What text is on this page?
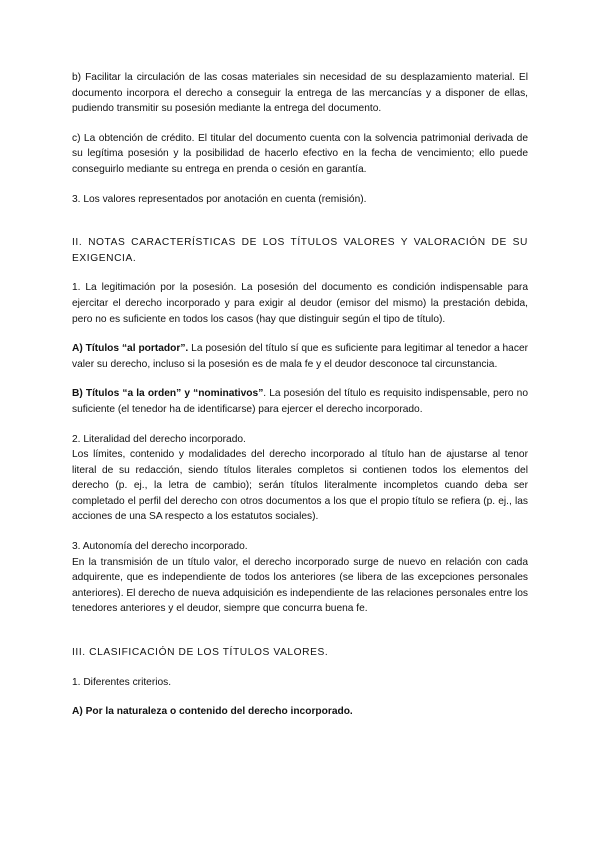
b) Facilitar la circulación de las cosas materiales sin necesidad de su desplazamiento material. El documento incorpora el derecho a conseguir la entrega de las mercancías y a disponer de ellas, pudiendo transmitir su posesión mediante la entrega del documento.

c) La obtención de crédito. El titular del documento cuenta con la solvencia patrimonial derivada de su legítima posesión y la posibilidad de hacerlo efectivo en la fecha de vencimiento; ello puede conseguirlo mediante su entrega en prenda o cesión en garantía.

3. Los valores representados por anotación en cuenta (remisión).

II. NOTAS CARACTERÍSTICAS DE LOS TÍTULOS VALORES Y VALORACIÓN DE SU EXIGENCIA.

1. La legitimación por la posesión. La posesión del documento es condición indispensable para ejercitar el derecho incorporado y para exigir al deudor (emisor del mismo) la prestación debida, pero no es suficiente en todos los casos (hay que distinguir según el tipo de título).

A) Títulos “al portador”. La posesión del título sí que es suficiente para legitimar al tenedor a hacer valer su derecho, incluso si la posesión es de mala fe y el deudor desconoce tal circunstancia.

B) Títulos “a la orden” y “nominativos”. La posesión del título es requisito indispensable, pero no suficiente (el tenedor ha de identificarse) para ejercer el derecho incorporado.

2. Literalidad del derecho incorporado.

Los límites, contenido y modalidades del derecho incorporado al título han de ajustarse al tenor literal de su redacción, siendo títulos literales completos si contienen todos los elementos del derecho (p. ej., la letra de cambio); serán títulos literalmente incompletos cuando deba ser completado el perfil del derecho con otros documentos a los que el propio título se refiera (p. ej., las acciones de una SA respecto a los estatutos sociales).

3. Autonomía del derecho incorporado.

En la transmisión de un título valor, el derecho incorporado surge de nuevo en relación con cada adquirente, que es independiente de todos los anteriores (se libera de las excepciones personales anteriores). El derecho de nueva adquisición es independiente de las relaciones personales entre los tenedores anteriores y el deudor, siempre que concurra buena fe.

III. CLASIFICACIÓN DE LOS TÍTULOS VALORES.

1. Diferentes criterios.

A) Por la naturaleza o contenido del derecho incorporado.
